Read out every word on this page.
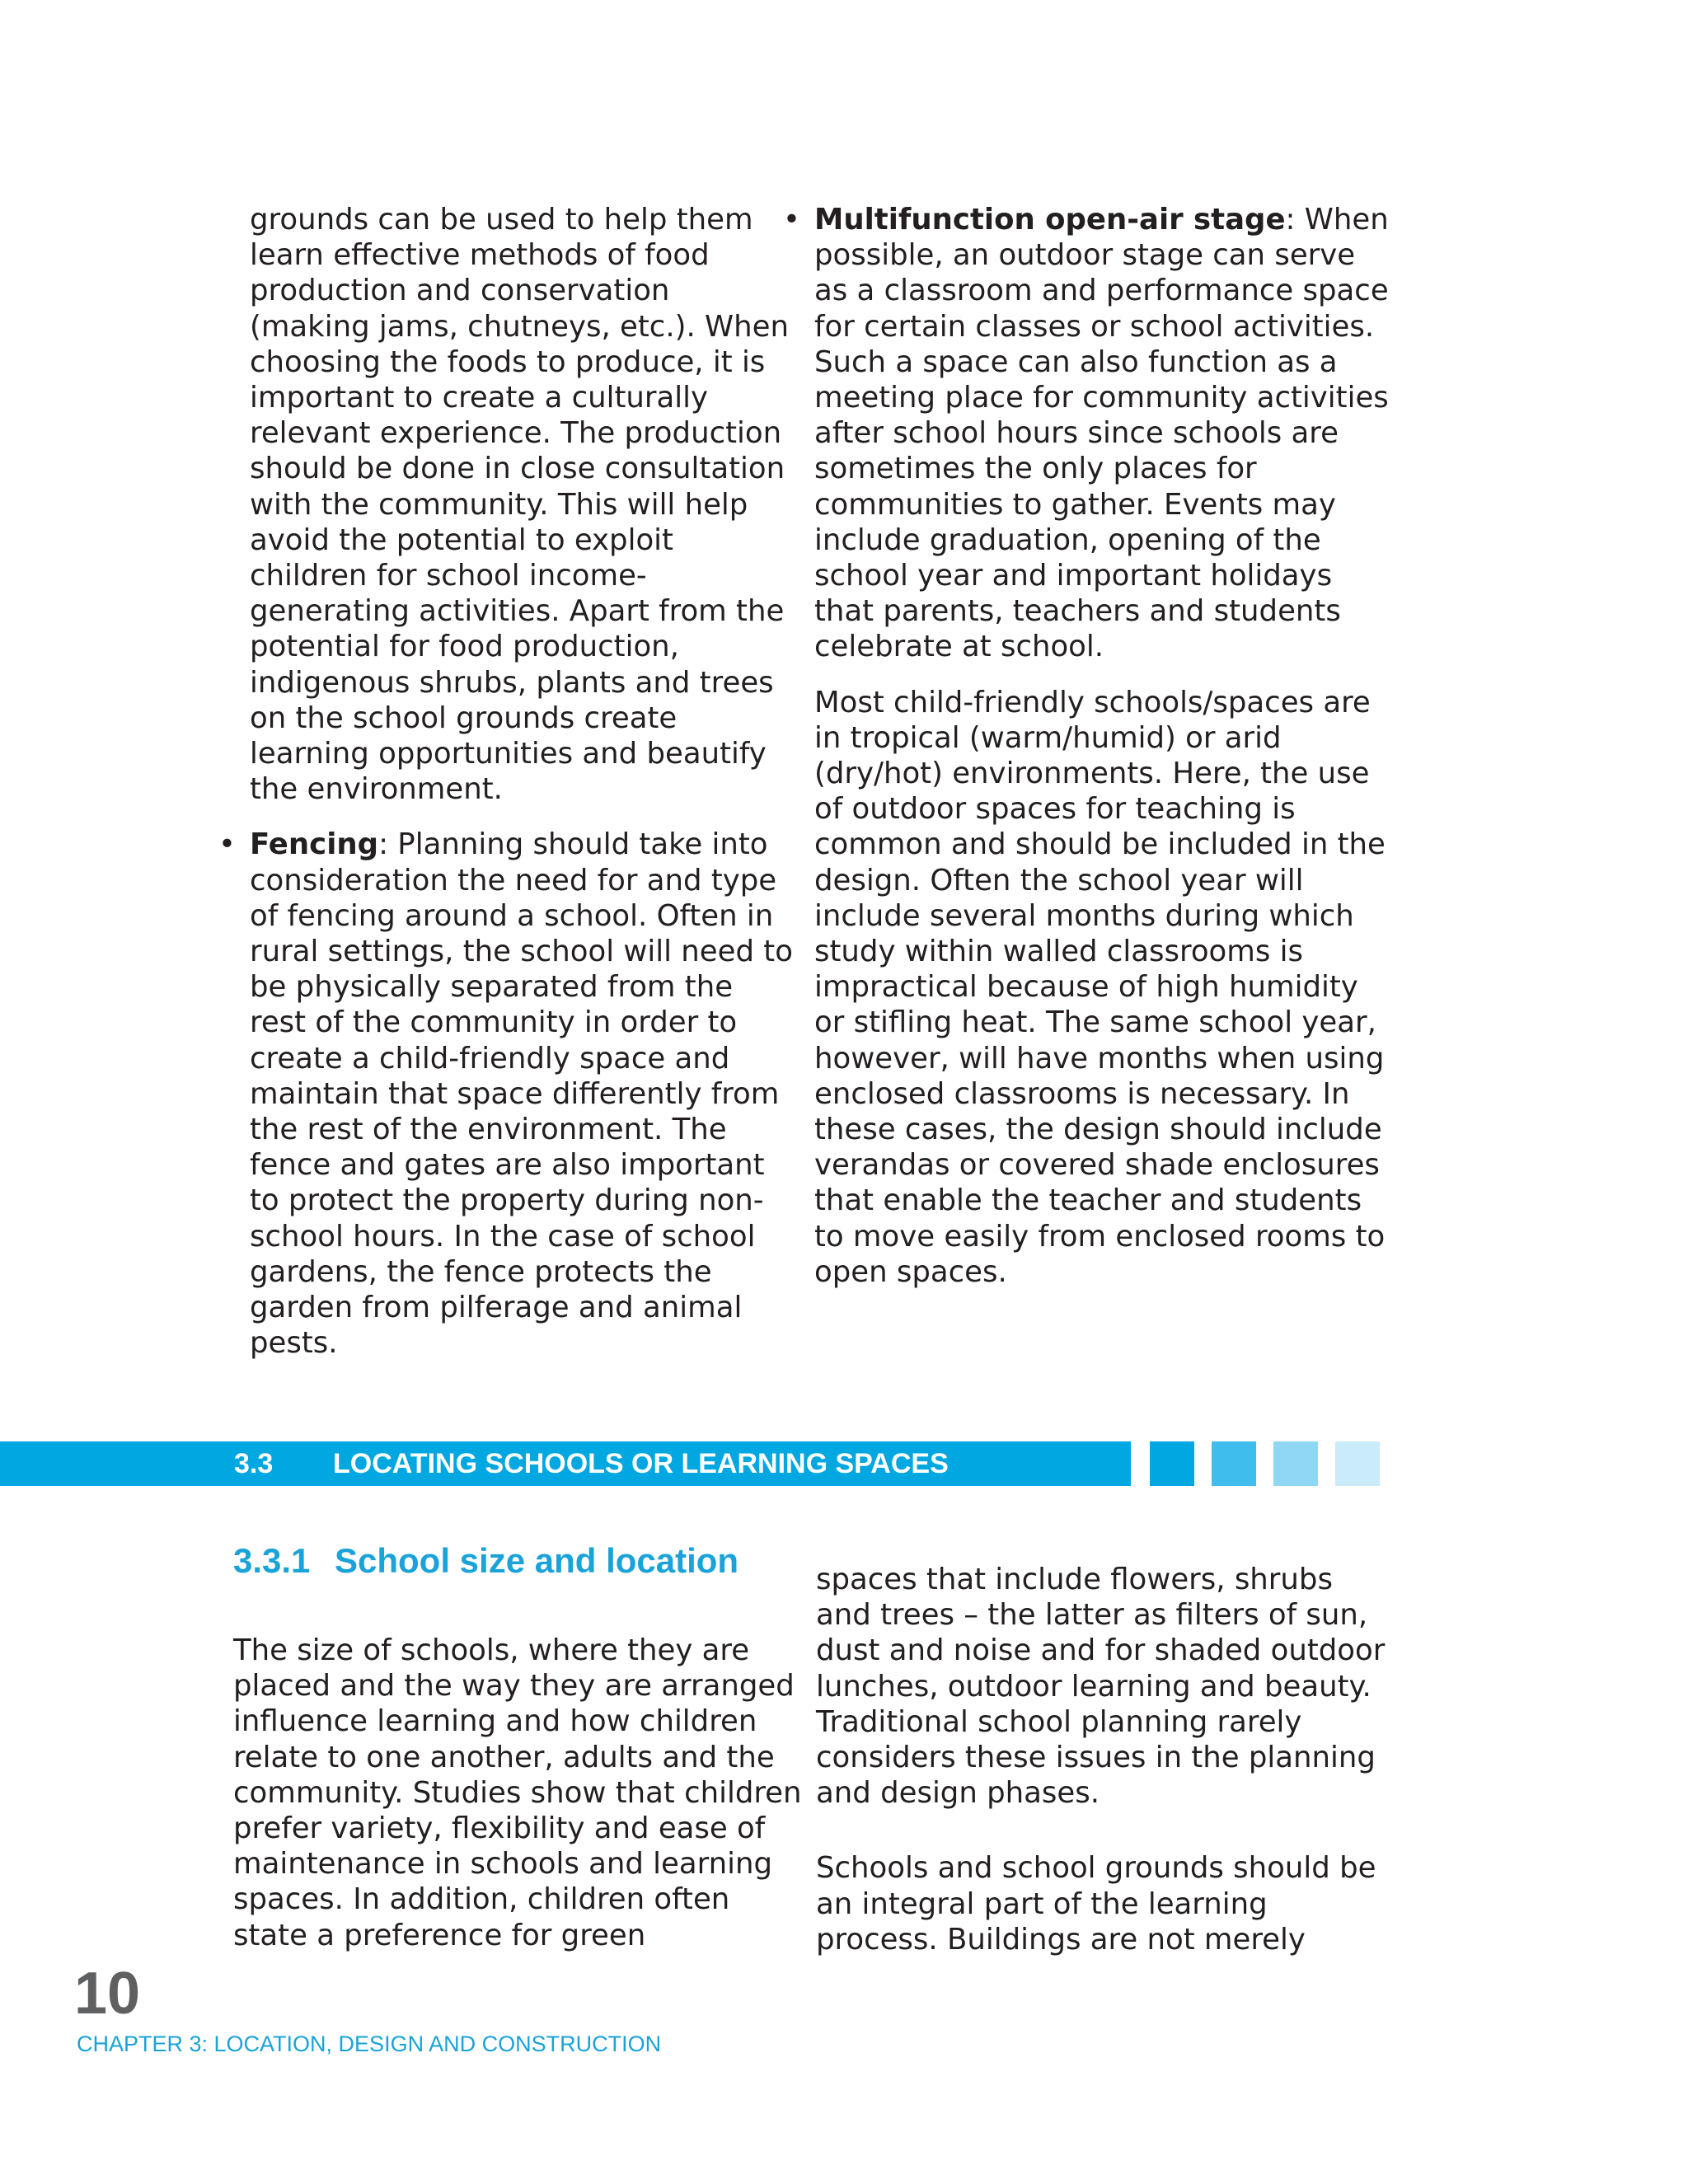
grounds can be used to help them learn effective methods of food production and conservation (making jams, chutneys, etc.). When choosing the foods to produce, it is important to create a culturally relevant experience. The production should be done in close consultation with the community. This will help avoid the potential to exploit children for school income-generating activities. Apart from the potential for food production, indigenous shrubs, plants and trees on the school grounds create learning opportunities and beautify the environment.

• Fencing: Planning should take into consideration the need for and type of fencing around a school. Often in rural settings, the school will need to be physically separated from the rest of the community in order to create a child-friendly space and maintain that space differently from the rest of the environment. The fence and gates are also important to protect the property during non-school hours. In the case of school gardens, the fence protects the garden from pilferage and animal pests.

• Multifunction open-air stage: When possible, an outdoor stage can serve as a classroom and performance space for certain classes or school activities. Such a space can also function as a meeting place for community activities after school hours since schools are sometimes the only places for communities to gather. Events may include graduation, opening of the school year and important holidays that parents, teachers and students celebrate at school.

Most child-friendly schools/spaces are in tropical (warm/humid) or arid (dry/hot) environments. Here, the use of outdoor spaces for teaching is common and should be included in the design. Often the school year will include several months during which study within walled classrooms is impractical because of high humidity or stifling heat. The same school year, however, will have months when using enclosed classrooms is necessary. In these cases, the design should include verandas or covered shade enclosures that enable the teacher and students to move easily from enclosed rooms to open spaces.

3.3 LOCATING SCHOOLS OR LEARNING SPACES
3.3.1 School size and location

The size of schools, where they are placed and the way they are arranged influence learning and how children relate to one another, adults and the community. Studies show that children prefer variety, flexibility and ease of maintenance in schools and learning spaces. In addition, children often state a preference for green

spaces that include flowers, shrubs and trees – the latter as filters of sun, dust and noise and for shaded outdoor lunches, outdoor learning and beauty. Traditional school planning rarely considers these issues in the planning and design phases.

Schools and school grounds should be an integral part of the learning process. Buildings are not merely

10
CHAPTER 3: LOCATION, DESIGN AND CONSTRUCTION
